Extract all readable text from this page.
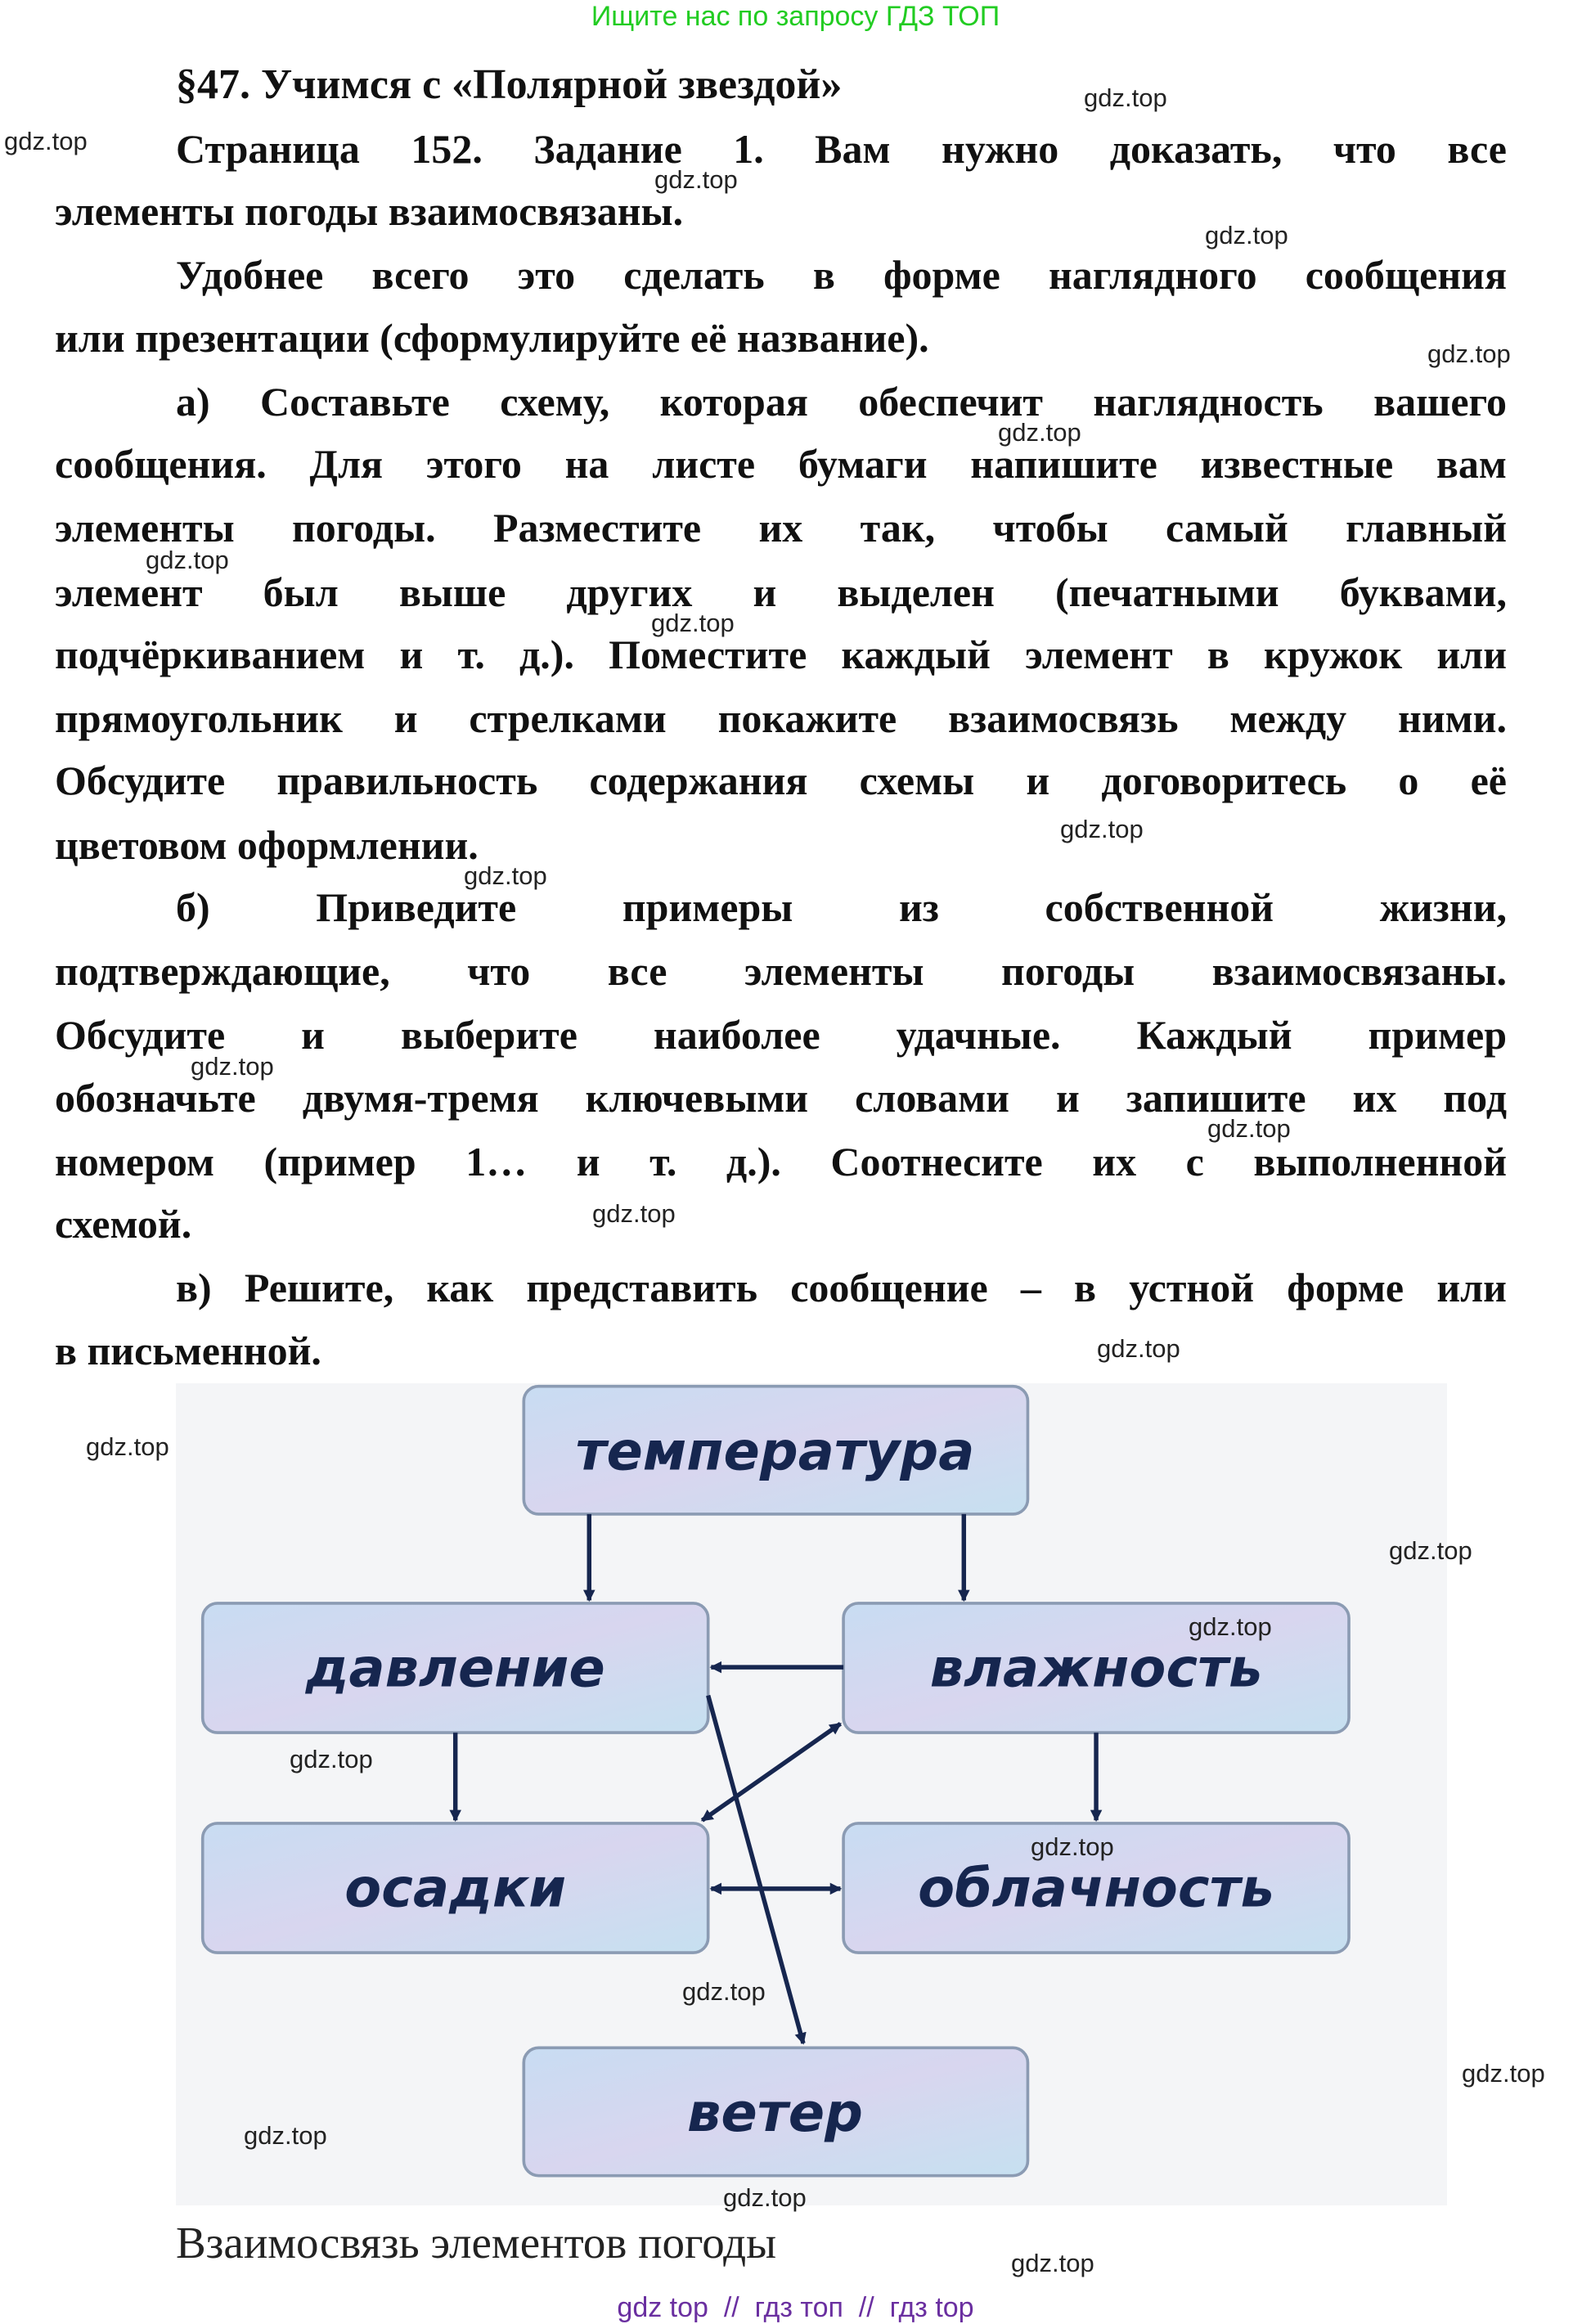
Ищите нас по запросу ГДЗ ТОП
§47. Учимся с «Полярной звездой»
Страница 152. Задание 1. Вам нужно доказать, что все
элементы погоды взаимосвязаны.
Удобнее всего это сделать в форме наглядного сообщения
или презентации (сформулируйте её название).
а) Составьте схему, которая обеспечит наглядность вашего
сообщения. Для этого на листе бумаги напишите известные вам
элементы погоды. Разместите их так, чтобы самый главный
элемент был выше других и выделен (печатными буквами,
подчёркиванием и т. д.). Поместите каждый элемент в кружок или
прямоугольник и стрелками покажите взаимосвязь между ними.
Обсудите правильность содержания схемы и договоритесь о её
цветовом оформлении.
б) Приведите примеры из собственной жизни,
подтверждающие, что все элементы погоды взаимосвязаны.
Обсудите и выберите наиболее удачные. Каждый пример
обозначьте двумя-тремя ключевыми словами и запишите их под
номером (пример 1… и т. д.). Соотнесите их с выполненной
схемой.
в) Решите, как представить сообщение – в устной форме или
в письменной.
температура
давление	влажность
осадки	облачность
ветер
Взаимосвязь элементов погоды
gdz.top
gdz.top
gdz.top
gdz.top
gdz.top
gdz.top
gdz.top
gdz.top
gdz.top
gdz.top
gdz.top
gdz.top
gdz.top
gdz.top
gdz.top
gdz.top
gdz.top
gdz.top
gdz.top
gdz.top
gdz.top
gdz.top
gdz.top
gdz.top
gdz top  //  гдз топ  //  гдз top
